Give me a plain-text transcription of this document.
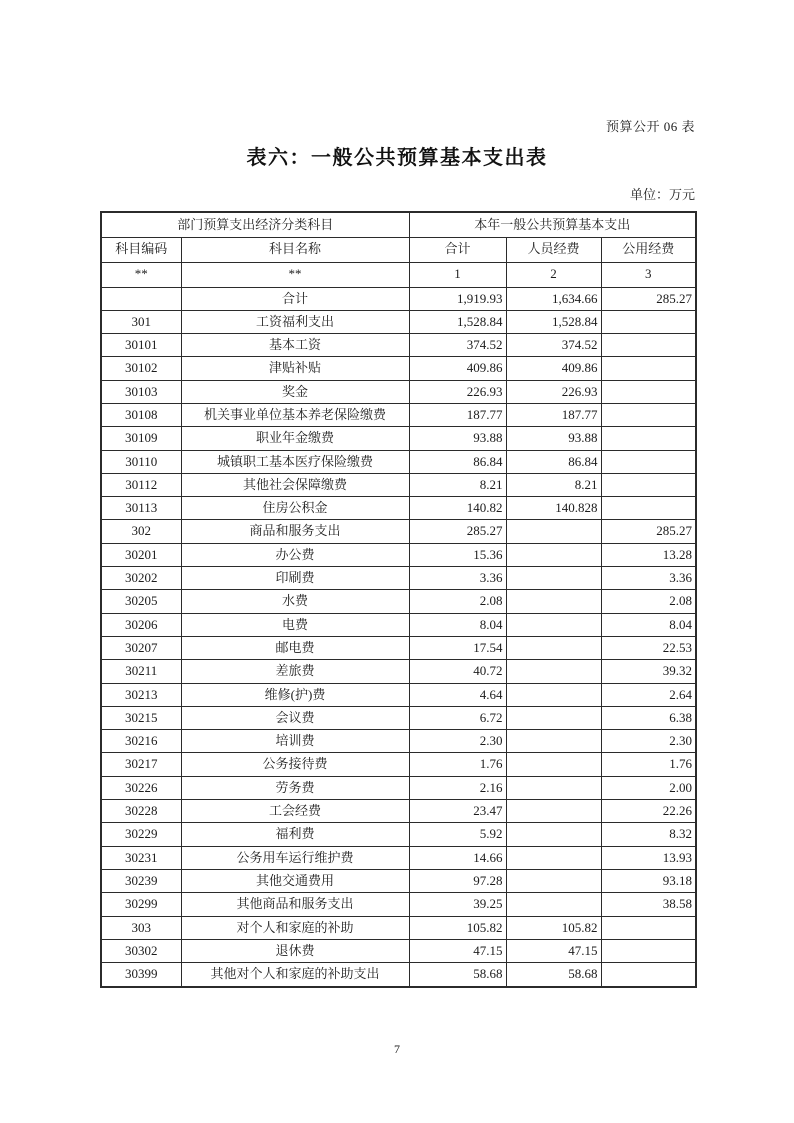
预算公开 06 表
表六：一般公共预算基本支出表
单位：万元
部门预算支出经济分类科目		本年一般公共预算基本支出		
科目编码	科目名称	合计	人员经费	公用经费
**	**	1	2	3
	合计	1,919.93	1,634.66	285.27
301	工资福利支出	1,528.84	1,528.84	
30101	基本工资	374.52	374.52	
30102	津贴补贴	409.86	409.86	
30103	奖金	226.93	226.93	
30108	机关事业单位基本养老保险缴费	187.77	187.77	
30109	职业年金缴费	93.88	93.88	
30110	城镇职工基本医疗保险缴费	86.84	86.84	
30112	其他社会保障缴费	8.21	8.21	
30113	住房公积金	140.82	140.828	
302	商品和服务支出	285.27		285.27
30201	办公费	15.36		13.28
30202	印刷费	3.36		3.36
30205	水费	2.08		2.08
30206	电费	8.04		8.04
30207	邮电费	17.54		22.53
30211	差旅费	40.72		39.32
30213	维修(护)费	4.64		2.64
30215	会议费	6.72		6.38
30216	培训费	2.30		2.30
30217	公务接待费	1.76		1.76
30226	劳务费	2.16		2.00
30228	工会经费	23.47		22.26
30229	福利费	5.92		8.32
30231	公务用车运行维护费	14.66		13.93
30239	其他交通费用	97.28		93.18
30299	其他商品和服务支出	39.25		38.58
303	对个人和家庭的补助	105.82	105.82	
30302	退休费	47.15	47.15	
30399	其他对个人和家庭的补助支出	58.68	58.68	
7
